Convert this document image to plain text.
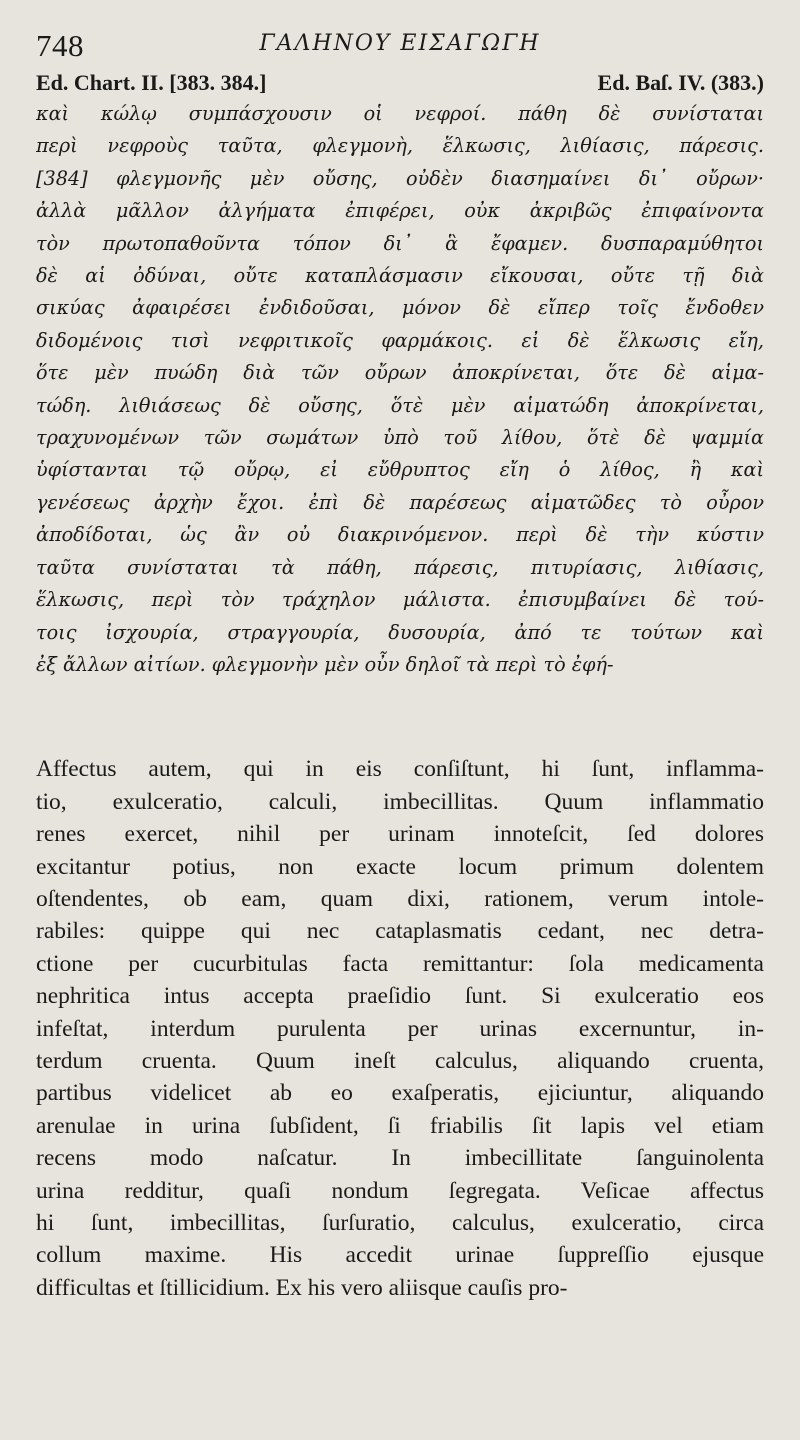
748	ΓΑΛΗΝΟΥ ΕΙΣΑΓΩΓΗ
Ed. Chart. II. [383. 384.]	Ed. Baſ. IV. (383.)
καὶ κώλῳ συμπάσχουσιν οἱ νεφροί. πάθη δὲ συνίσταται
περὶ νεφροὺς ταῦτα, φλεγμονὴ, ἕλκωσις, λιθίασις, πάρεσις.
[384] φλεγμονῆς μὲν οὔσης, οὐδὲν διασημαίνει δι᾽ οὔρων·
ἀλλὰ μᾶλλον ἀλγήματα ἐπιφέρει, οὐκ ἀκριβῶς ἐπιφαίνοντα
τὸν πρωτοπαθοῦντα τόπον δι᾽ ἃ ἔφαμεν. δυσπαραμύθητοι
δὲ αἱ ὀδύναι, οὔτε καταπλάσμασιν εἴκουσαι, οὔτε τῇ διὰ
σικύας ἀφαιρέσει ἐνδιδοῦσαι, μόνον δὲ εἴπερ τοῖς ἔνδοθεν
διδομένοις τισὶ νεφριτικοῖς φαρμάκοις. εἰ δὲ ἕλκωσις εἴη,
ὅτε μὲν πυώδη διὰ τῶν οὔρων ἀποκρίνεται, ὅτε δὲ αἱμα-
τώδη. λιθιάσεως δὲ οὔσης, ὅτὲ μὲν αἱματώδη ἀποκρίνεται,
τραχυνομένων τῶν σωμάτων ὑπὸ τοῦ λίθου, ὅτὲ δὲ ψαμμία
ὑφίστανται τῷ οὔρῳ, εἰ εὔθρυπτος εἴη ὁ λίθος, ἢ καὶ
γενέσεως ἀρχὴν ἔχοι. ἐπὶ δὲ παρέσεως αἱματῶδες τὸ οὖρον
ἀποδίδοται, ὡς ἂν οὐ διακρινόμενον. περὶ δὲ τὴν κύστιν
ταῦτα συνίσταται τὰ πάθη, πάρεσις, πιτυρίασις, λιθίασις,
ἕλκωσις, περὶ τὸν τράχηλον μάλιστα. ἐπισυμβαίνει δὲ τού-
τοις ἰσχουρία, στραγγουρία, δυσουρία, ἀπό τε τούτων καὶ
ἐξ ἄλλων αἰτίων. φλεγμονὴν μὲν οὖν δηλοῖ τὰ περὶ τὸ ἐφή-
Affectus autem, qui in eis conſiſtunt, hi ſunt, inflamma-
tio, exulceratio, calculi, imbecillitas. Quum inflammatio
renes exercet, nihil per urinam innoteſcit, ſed dolores
excitantur potius, non exacte locum primum dolentem
oſtendentes, ob eam, quam dixi, rationem, verum intole-
rabiles: quippe qui nec cataplasmatis cedant, nec detra-
ctione per cucurbitulas facta remittantur: ſola medicamenta
nephritica intus accepta praeſidio ſunt. Si exulceratio eos
infeſtat, interdum purulenta per urinas excernuntur, in-
terdum cruenta. Quum ineſt calculus, aliquando cruenta,
partibus videlicet ab eo exaſperatis, ejiciuntur, aliquando
arenulae in urina ſubſident, ſi friabilis ſit lapis vel etiam
recens modo naſcatur. In imbecillitate ſanguinolenta
urina redditur, quaſi nondum ſegregata. Veſicae affectus
hi ſunt, imbecillitas, ſurſuratio, calculus, exulceratio, circa
collum maxime. His accedit urinae ſuppreſſio ejusque
difficultas et ſtillicidium. Ex his vero aliisque cauſis pro-
